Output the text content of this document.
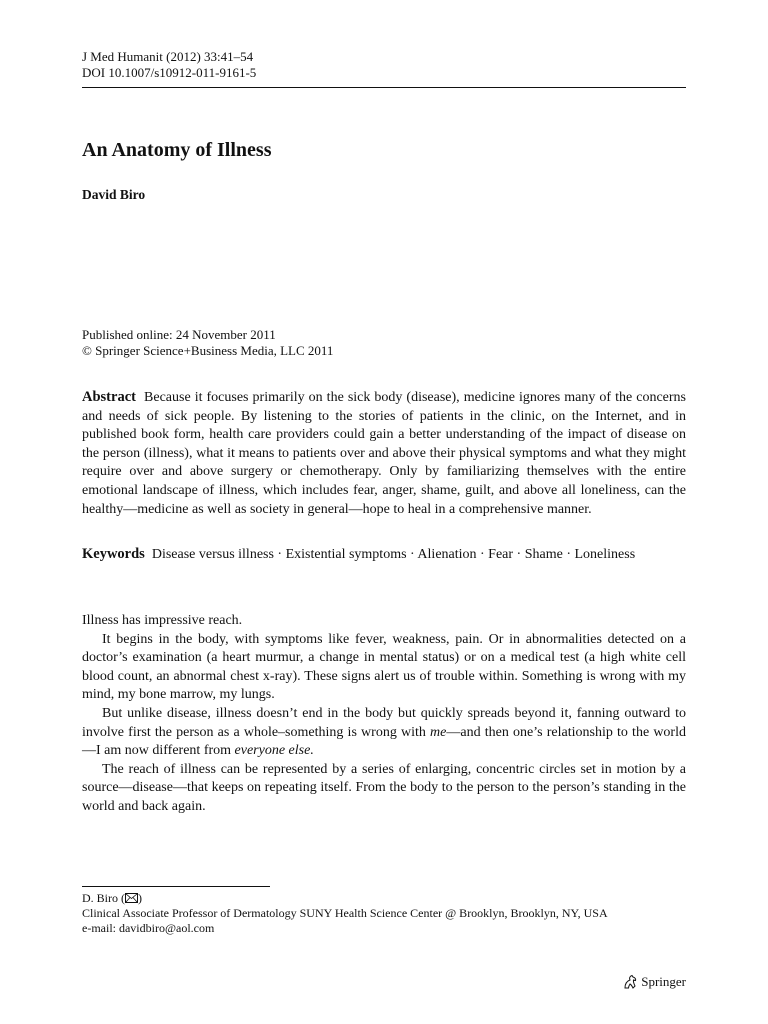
J Med Humanit (2012) 33:41–54
DOI 10.1007/s10912-011-9161-5
An Anatomy of Illness
David Biro
Published online: 24 November 2011
© Springer Science+Business Media, LLC 2011

Abstract Because it focuses primarily on the sick body (disease), medicine ignores many of the concerns and needs of sick people. By listening to the stories of patients in the clinic, on the Internet, and in published book form, health care providers could gain a better understanding of the impact of disease on the person (illness), what it means to patients over and above their physical symptoms and what they might require over and above surgery or chemotherapy. Only by familiarizing themselves with the entire emotional landscape of illness, which includes fear, anger, shame, guilt, and above all loneliness, can the healthy—medicine as well as society in general—hope to heal in a comprehensive manner.

Keywords Disease versus illness · Existential symptoms · Alienation · Fear · Shame · Loneliness

Illness has impressive reach.

It begins in the body, with symptoms like fever, weakness, pain. Or in abnormalities detected on a doctor’s examination (a heart murmur, a change in mental status) or on a medical test (a high white cell blood count, an abnormal chest x-ray). These signs alert us of trouble within. Something is wrong with my mind, my bone marrow, my lungs.

But unlike disease, illness doesn’t end in the body but quickly spreads beyond it, fanning outward to involve first the person as a whole–something is wrong with me—and then one’s relationship to the world—I am now different from everyone else.

The reach of illness can be represented by a series of enlarging, concentric circles set in motion by a source—disease—that keeps on repeating itself. From the body to the person to the person’s standing in the world and back again.

D. Biro ( )
Clinical Associate Professor of Dermatology SUNY Health Science Center @ Brooklyn, Brooklyn, NY, USA
e-mail: davidbiro@aol.com
Springer
